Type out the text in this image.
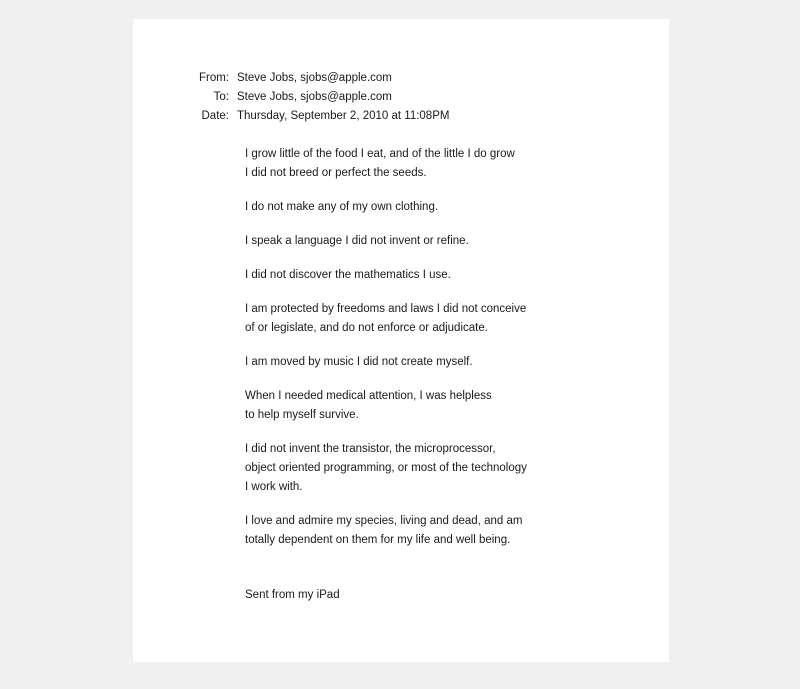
From: Steve Jobs, sjobs@apple.com
To: Steve Jobs, sjobs@apple.com
Date: Thursday, September 2, 2010 at 11:08PM
I grow little of the food I eat, and of the little I do grow
I did not breed or perfect the seeds.
I do not make any of my own clothing.
I speak a language I did not invent or refine.
I did not discover the mathematics I use.
I am protected by freedoms and laws I did not conceive
of or legislate, and do not enforce or adjudicate.
I am moved by music I did not create myself.
When I needed medical attention, I was helpless
to help myself survive.
I did not invent the transistor, the microprocessor,
object oriented programming, or most of the technology
I work with.
I love and admire my species, living and dead, and am
totally dependent on them for my life and well being.
Sent from my iPad
